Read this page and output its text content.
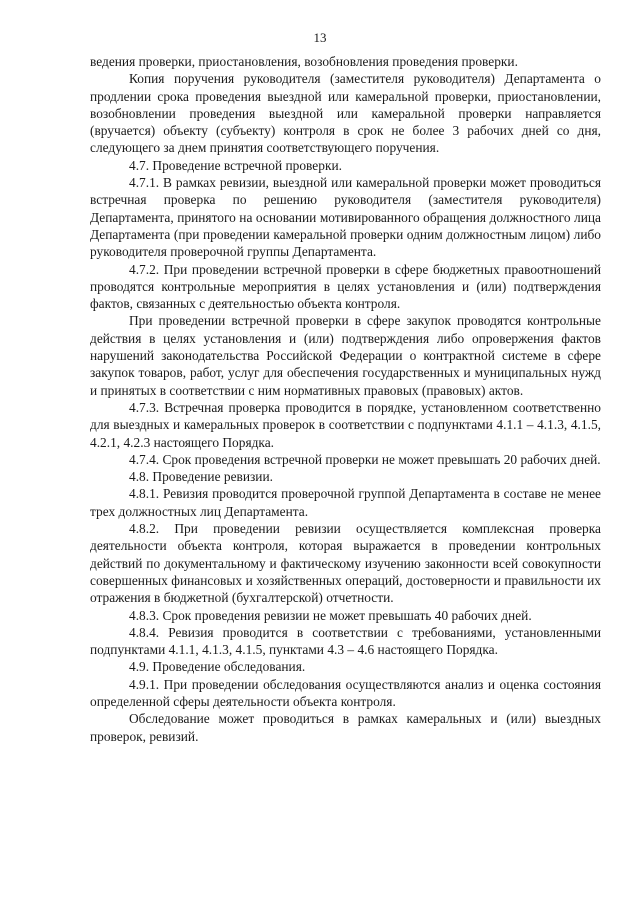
13

ведения проверки, приостановления, возобновления проведения проверки.

Копия поручения руководителя (заместителя руководителя) Департамента о продлении срока проведения выездной или камеральной проверки, приостановлении, возобновлении проведения выездной или камеральной проверки направляется (вручается) объекту (субъекту) контроля в срок не более 3 рабочих дней со дня, следующего за днем принятия соответствующего поручения.

4.7. Проведение встречной проверки.

4.7.1. В рамках ревизии, выездной или камеральной проверки может проводиться встречная проверка по решению руководителя (заместителя руководителя) Департамента, принятого на основании мотивированного обращения должностного лица Департамента (при проведении камеральной проверки одним должностным лицом) либо руководителя проверочной группы Департамента.

4.7.2. При проведении встречной проверки в сфере бюджетных правоотношений проводятся контрольные мероприятия в целях установления и (или) подтверждения фактов, связанных с деятельностью объекта контроля.

При проведении встречной проверки в сфере закупок проводятся контрольные действия в целях установления и (или) подтверждения либо опровержения фактов нарушений законодательства Российской Федерации о контрактной системе в сфере закупок товаров, работ, услуг для обеспечения государственных и муниципальных нужд и принятых в соответствии с ним нормативных правовых (правовых) актов.

4.7.3. Встречная проверка проводится в порядке, установленном соответственно для выездных и камеральных проверок в соответствии с подпунктами 4.1.1 – 4.1.3, 4.1.5, 4.2.1, 4.2.3 настоящего Порядка.

4.7.4. Срок проведения встречной проверки не может превышать 20 рабочих дней.

4.8. Проведение ревизии.

4.8.1. Ревизия проводится проверочной группой Департамента в составе не менее трех должностных лиц Департамента.

4.8.2. При проведении ревизии осуществляется комплексная проверка деятельности объекта контроля, которая выражается в проведении контрольных действий по документальному и фактическому изучению законности всей совокупности совершенных финансовых и хозяйственных операций, достоверности и правильности их отражения в бюджетной (бухгалтерской) отчетности.

4.8.3. Срок проведения ревизии не может превышать 40 рабочих дней.

4.8.4. Ревизия проводится в соответствии с требованиями, установленными подпунктами 4.1.1, 4.1.3, 4.1.5, пунктами 4.3 – 4.6 настоящего Порядка.

4.9. Проведение обследования.

4.9.1. При проведении обследования осуществляются анализ и оценка состояния определенной сферы деятельности объекта контроля.

Обследование может проводиться в рамках камеральных и (или) выездных проверок, ревизий.
